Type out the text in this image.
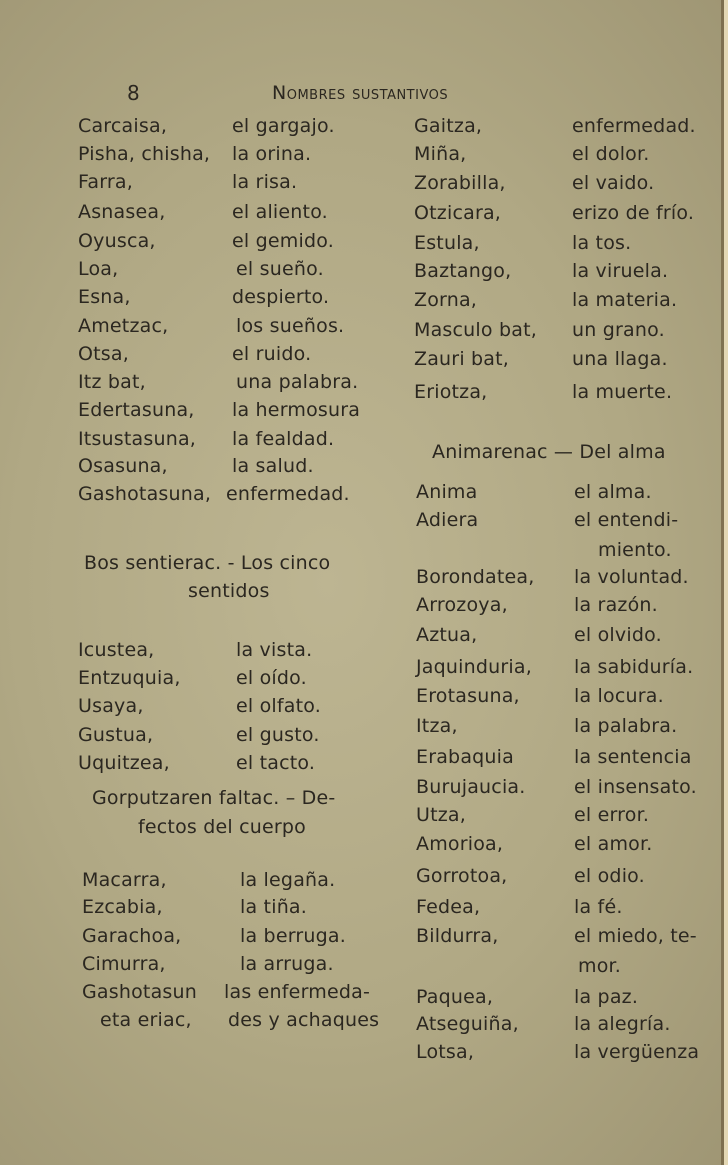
8	Nombres sustantivos
Bos sentierac. - Los cinco
sentidos
Gorputzaren faltac. – De-
fectos del cuerpo
Animarenac — Del alma
Carcaisa,	el gargajo.
Pisha, chisha, la orina.
Farra,	la risa.
Asnasea,	el aliento.
Oyusca,	el gemido.
Loa,	el sueño.
Esna,	despierto.
Ametzac,	los sueños.
Otsa,	el ruido.
Itz bat,	una palabra.
Edertasuna, la hermosura
Itsustasuna, la fealdad.
Osasuna,	la salud.
Gashotasuna, enfermedad.
Icustea,	la vista.
Entzuquia,	el oído.
Usaya,	el olfato.
Gustua,	el gusto.
Uquitzea,	el tacto.
Macarra,	la legaña.
Ezcabia,	la tiña.
Garachoa,	la berruga.
Cimurra,	la arruga.
Gashotasun las enfermeda-
eta eriac, des y achaques
Gaitza,	enfermedad.
Miña,	el dolor.
Zorabilla,	el vaido.
Otzicara,	erizo de frío.
Estula,	la tos.
Baztango,	la viruela.
Zorna,	la materia.
Masculo bat, un grano.
Zauri bat,	una llaga.
Eriotza,	la muerte.
Anima	el alma.
Adiera	el entendi-
miento.
Borondatea, la voluntad.
Arrozoya,	la razón.
Aztua,	el olvido.
Jaquinduria, la sabiduría.
Erotasuna,	la locura.
Itza,	la palabra.
Erabaquia	la sentencia
Burujaucia.	el insensato.
Utza,	el error.
Amorioa,	el amor.
Gorrotoa,	el odio.
Fedea,	la fé.
Bildurra,	el miedo, te-
mor.
Paquea,	la paz.
Atseguiña,	la alegría.
Lotsa,	la vergüenza
